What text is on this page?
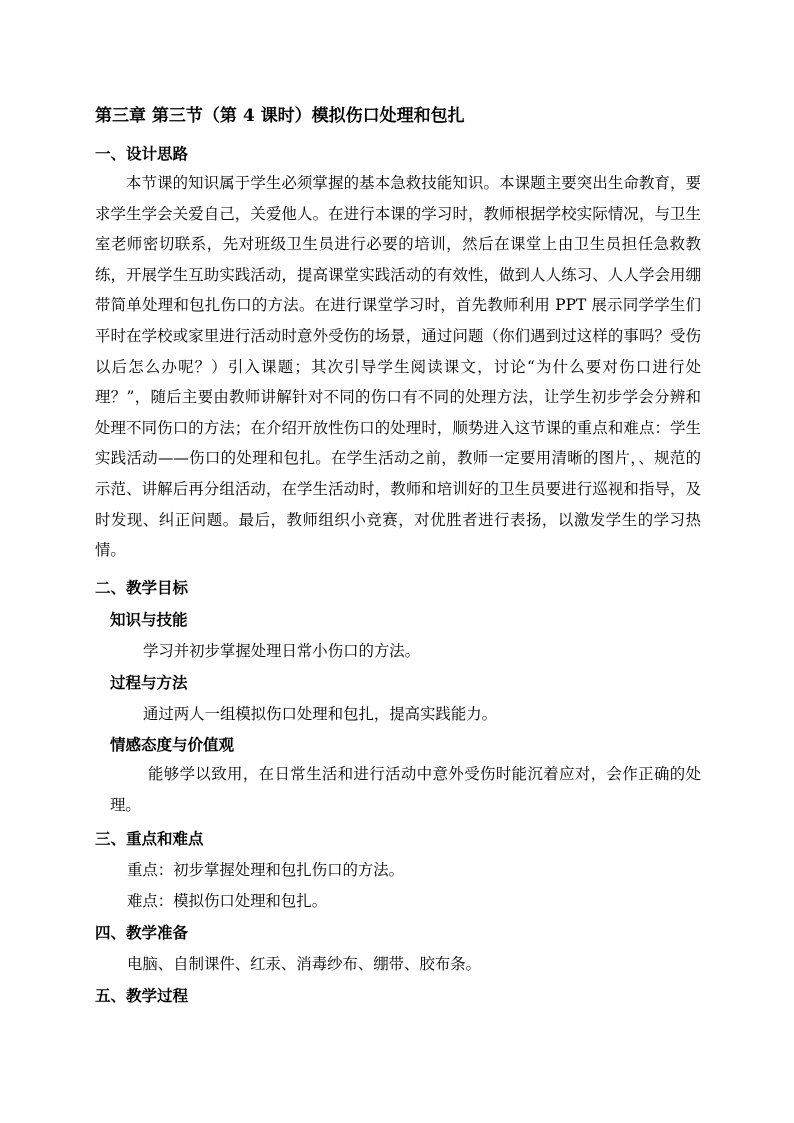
第三章 第三节（第 4 课时）模拟伤口处理和包扎
一、设计思路

本节课的知识属于学生必须掌握的基本急救技能知识。本课题主要突出生命教育，要求学生学会关爱自己，关爱他人。在进行本课的学习时，教师根据学校实际情况，与卫生室老师密切联系，先对班级卫生员进行必要的培训，然后在课堂上由卫生员担任急救教练，开展学生互助实践活动，提高课堂实践活动的有效性，做到人人练习、人人学会用绷带简单处理和包扎伤口的方法。在进行课堂学习时，首先教师利用 PPT 展示同学学生们平时在学校或家里进行活动时意外受伤的场景，通过问题（你们遇到过这样的事吗？受伤以后怎么办呢？）引入课题；其次引导学生阅读课文，讨论“为什么要对伤口进行处理？”，随后主要由教师讲解针对不同的伤口有不同的处理方法，让学生初步学会分辨和处理不同伤口的方法；在介绍开放性伤口的处理时，顺势进入这节课的重点和难点：学生实践活动——伤口的处理和包扎。在学生活动之前，教师一定要用清晰的图片，、规范的示范、讲解后再分组活动，在学生活动时，教师和培训好的卫生员要进行巡视和指导，及时发现、纠正问题。最后，教师组织小竞赛，对优胜者进行表扬，以激发学生的学习热情。

二、教学目标
知识与技能
学习并初步掌握处理日常小伤口的方法。
过程与方法
通过两人一组模拟伤口处理和包扎，提高实践能力。
情感态度与价值观

能够学以致用，在日常生活和进行活动中意外受伤时能沉着应对，会作正确的处理。

三、重点和难点
重点：初步掌握处理和包扎伤口的方法。
难点：模拟伤口处理和包扎。
四、教学准备
电脑、自制课件、红汞、消毒纱布、绷带、胶布条。
五、教学过程
